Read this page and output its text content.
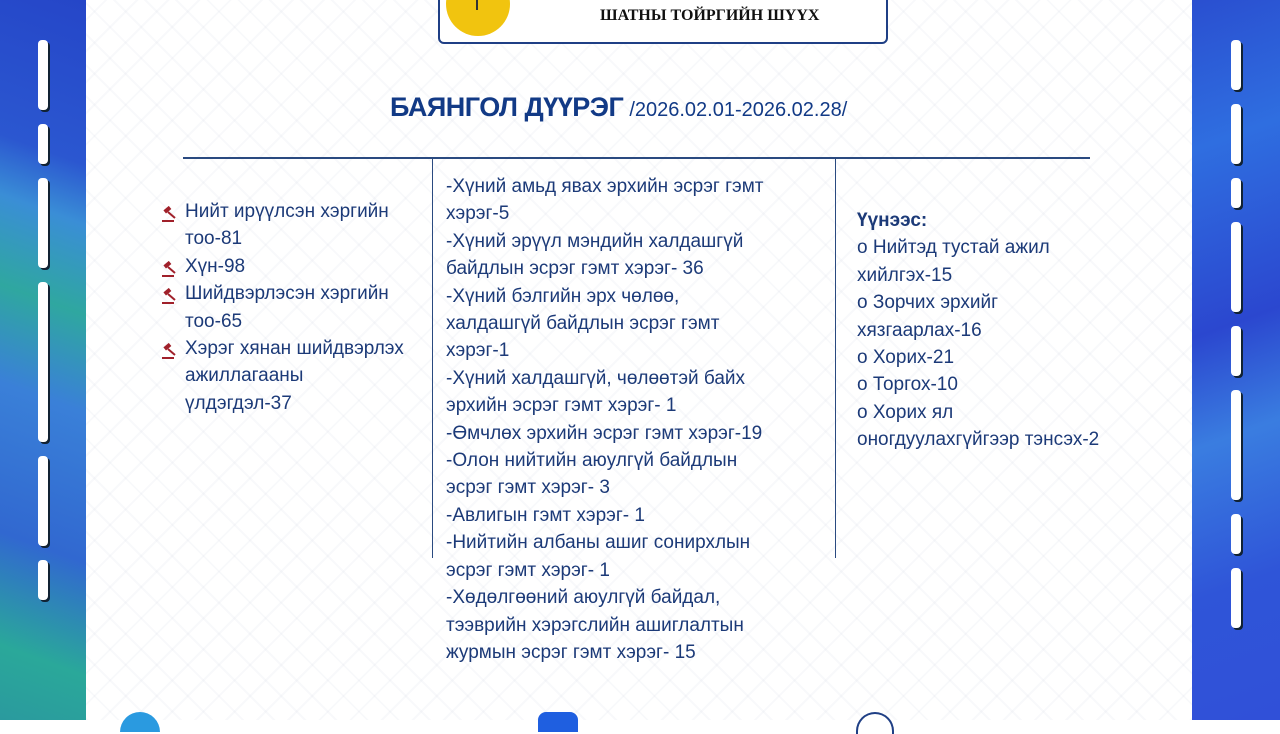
ШАТНЫ ТОЙРГИЙН ШҮҮХ
БАЯНГОЛ ДҮҮРЭГ /2026.02.01-2026.02.28/
Нийт ирүүлсэн хэргийн
тоо-81
Хүн-98
Шийдвэрлэсэн хэргийн
тоо-65
Хэрэг хянан шийдвэрлэх
ажиллагааны
үлдэгдэл-37
-Хүний амьд явах эрхийн эсрэг гэмт
хэрэг-5
-Хүний эрүүл мэндийн халдашгүй
байдлын эсрэг гэмт хэрэг- 36
-Хүний бэлгийн эрх чөлөө,
халдашгүй байдлын эсрэг гэмт
хэрэг-1
-Хүний халдашгүй, чөлөөтэй байх
эрхийн эсрэг гэмт хэрэг- 1
-Өмчлөх эрхийн эсрэг гэмт хэрэг-19
-Олон нийтийн аюулгүй байдлын
эсрэг гэмт хэрэг- 3
-Авлигын гэмт хэрэг- 1
-Нийтийн албаны ашиг сонирхлын
эсрэг гэмт хэрэг- 1
-Хөдөлгөөний аюулгүй байдал,
тээврийн хэрэгслийн ашиглалтын
журмын эсрэг гэмт хэрэг- 15
Үүнээс:
o Нийтэд тустай ажил
хийлгэх-15
o Зорчих эрхийг
хязгаарлах-16
o Хорих-21
o Торгох-10
o Хорих ял
оногдуулахгүйгээр тэнсэх-2
